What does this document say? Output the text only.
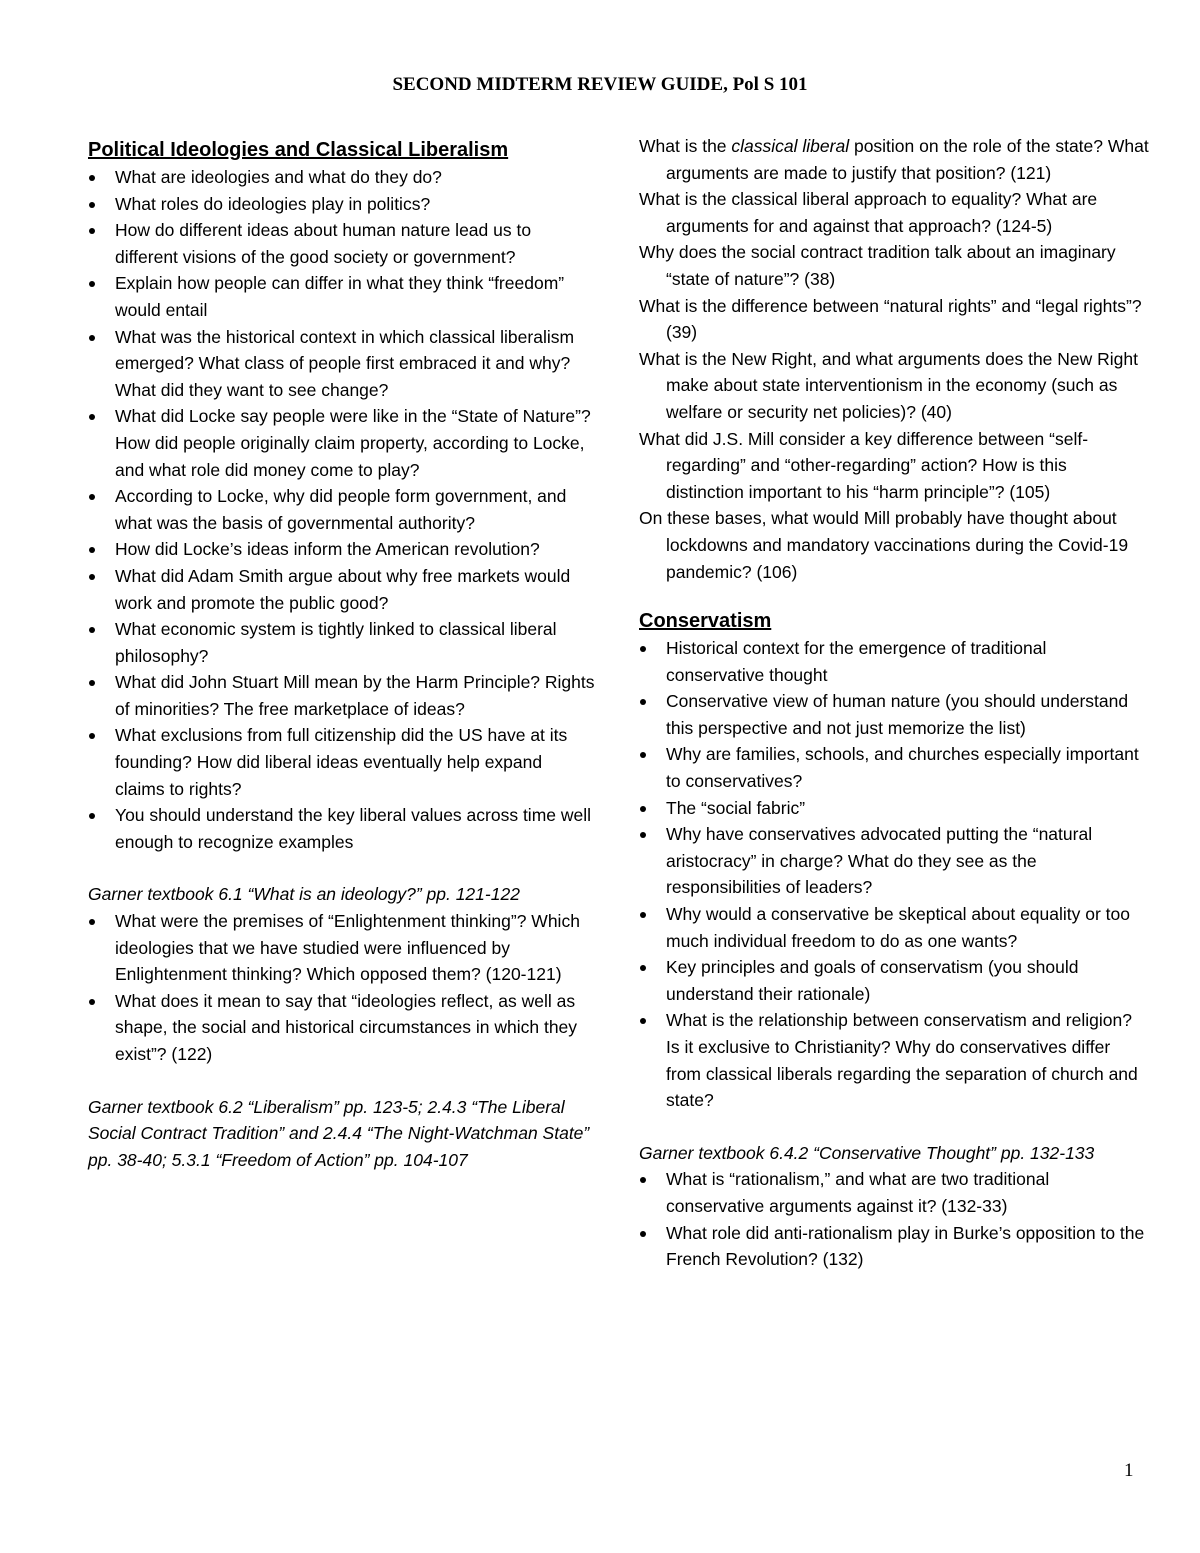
SECOND MIDTERM REVIEW GUIDE, Pol S 101

Political Ideologies and Classical Liberalism

What are ideologies and what do they do?
What roles do ideologies play in politics?
How do different ideas about human nature lead us to different visions of the good society or government?
Explain how people can differ in what they think “freedom” would entail
What was the historical context in which classical liberalism emerged? What class of people first embraced it and why? What did they want to see change?
What did Locke say people were like in the “State of Nature”? How did people originally claim property, according to Locke, and what role did money come to play?
According to Locke, why did people form government, and what was the basis of governmental authority?
How did Locke’s ideas inform the American revolution?
What did Adam Smith argue about why free markets would work and promote the public good?
What economic system is tightly linked to classical liberal philosophy?
What did John Stuart Mill mean by the Harm Principle? Rights of minorities? The free marketplace of ideas?
What exclusions from full citizenship did the US have at its founding? How did liberal ideas eventually help expand claims to rights?
You should understand the key liberal values across time well enough to recognize examples

Garner textbook 6.1 “What is an ideology?” pp. 121-122

What were the premises of “Enlightenment thinking”? Which ideologies that we have studied were influenced by Enlightenment thinking? Which opposed them? (120-121)
What does it mean to say that “ideologies reflect, as well as shape, the social and historical circumstances in which they exist”? (122)

Garner textbook 6.2 “Liberalism” pp. 123-5; 2.4.3 “The Liberal Social Contract Tradition” and 2.4.4 “The Night-Watchman State” pp. 38-40; 5.3.1 “Freedom of Action” pp. 104-107

What is the classical liberal position on the role of the state? What arguments are made to justify that position? (121)

What is the classical liberal approach to equality? What are arguments for and against that approach? (124-5)

Why does the social contract tradition talk about an imaginary “state of nature”? (38)

What is the difference between “natural rights” and “legal rights”? (39)

What is the New Right, and what arguments does the New Right make about state interventionism in the economy (such as welfare or security net policies)? (40)

What did J.S. Mill consider a key difference between “self-regarding” and “other-regarding” action? How is this distinction important to his “harm principle”? (105)

On these bases, what would Mill probably have thought about lockdowns and mandatory vaccinations during the Covid-19 pandemic? (106)

Conservatism

Historical context for the emergence of traditional conservative thought
Conservative view of human nature (you should understand this perspective and not just memorize the list)
Why are families, schools, and churches especially important to conservatives?
The “social fabric”
Why have conservatives advocated putting the “natural aristocracy” in charge? What do they see as the responsibilities of leaders?
Why would a conservative be skeptical about equality or too much individual freedom to do as one wants?
Key principles and goals of conservatism (you should understand their rationale)
What is the relationship between conservatism and religion? Is it exclusive to Christianity? Why do conservatives differ from classical liberals regarding the separation of church and state?

Garner textbook 6.4.2 “Conservative Thought” pp. 132-133

What is “rationalism,” and what are two traditional conservative arguments against it? (132-33)
What role did anti-rationalism play in Burke’s opposition to the French Revolution? (132)
1
